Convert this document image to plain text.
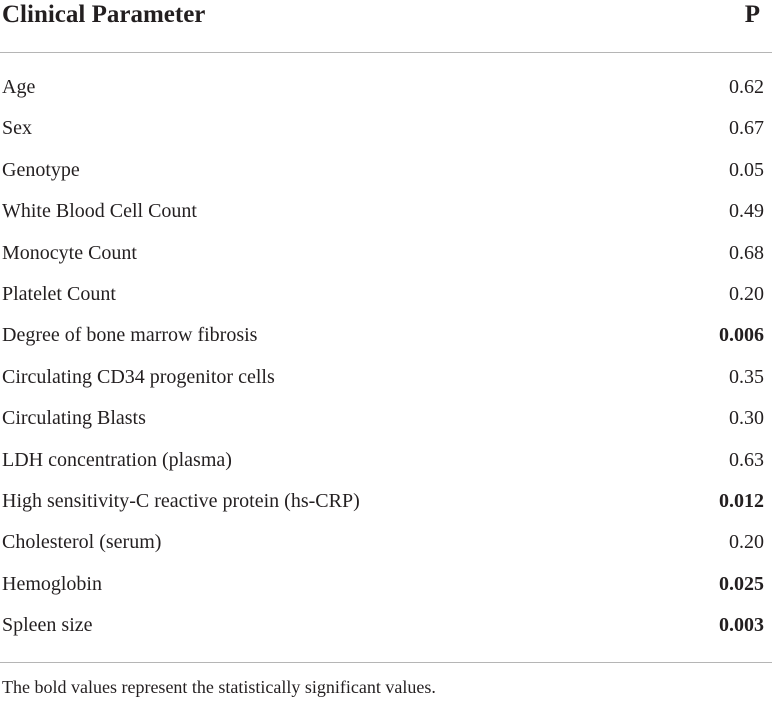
Clinical Parameter	P
Age	0.62
Sex	0.67
Genotype	0.05
White Blood Cell Count	0.49
Monocyte Count	0.68
Platelet Count	0.20
Degree of bone marrow fibrosis	0.006
Circulating CD34 progenitor cells	0.35
Circulating Blasts	0.30
LDH concentration (plasma)	0.63
High sensitivity-C reactive protein (hs-CRP)	0.012
Cholesterol (serum)	0.20
Hemoglobin	0.025
Spleen size	0.003
The bold values represent the statistically significant values.
